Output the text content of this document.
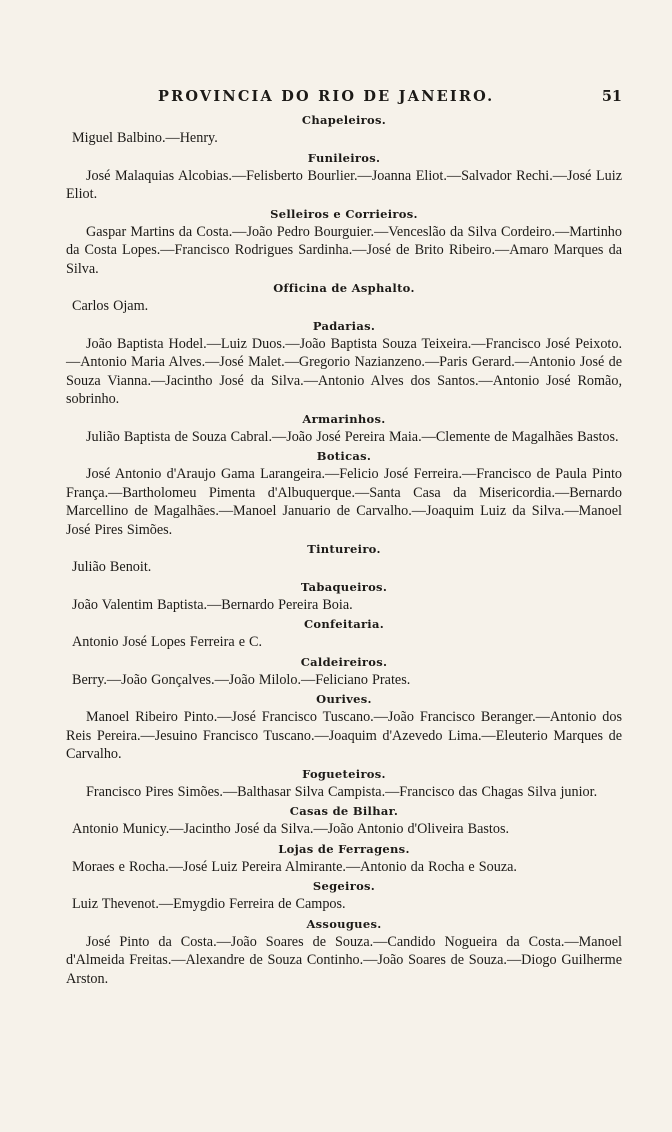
PROVINCIA DO RIO DE JANEIRO.	51
Chapeleiros.

Miguel Balbino.—Henry.

Funileiros.

José Malaquias Alcobias.—Felisberto Bourlier.—Joanna Eliot.—Salvador Rechi.—José Luiz Eliot.

Selleiros e Corrieiros.

Gaspar Martins da Costa.—João Pedro Bourguier.—Venceslão da Silva Cordeiro.—Martinho da Costa Lopes.—Francisco Rodrigues Sardinha.—José de Brito Ribeiro.—Amaro Marques da Silva.

Officina de Asphalto.

Carlos Ojam.

Padarias.

João Baptista Hodel.—Luiz Duos.—João Baptista Souza Teixeira.—Francisco José Peixoto.—Antonio Maria Alves.—José Malet.—Gregorio Nazianzeno.—Paris Gerard.—Antonio José de Souza Vianna.—Jacintho José da Silva.—Antonio Alves dos Santos.—Antonio José Romão, sobrinho.

Armarinhos.

Julião Baptista de Souza Cabral.—João José Pereira Maia.—Clemente de Magalhães Bastos.

Boticas.

José Antonio d'Araujo Gama Larangeira.—Felicio José Ferreira.—Francisco de Paula Pinto França.—Bartholomeu Pimenta d'Albuquerque.—Santa Casa da Misericordia.—Bernardo Marcellino de Magalhães.—Manoel Januario de Carvalho.—Joaquim Luiz da Silva.—Manoel José Pires Simões.

Tintureiro.

Julião Benoit.

Tabaqueiros.

João Valentim Baptista.—Bernardo Pereira Boia.

Confeitaria.

Antonio José Lopes Ferreira e C.

Caldeireiros.

Berry.—João Gonçalves.—João Milolo.—Feliciano Prates.

Ourives.

Manoel Ribeiro Pinto.—José Francisco Tuscano.—João Francisco Beranger.—Antonio dos Reis Pereira.—Jesuino Francisco Tuscano.—Joaquim d'Azevedo Lima.—Eleuterio Marques de Carvalho.

Fogueteiros.

Francisco Pires Simões.—Balthasar Silva Campista.—Francisco das Chagas Silva junior.

Casas de Bilhar.

Antonio Municy.—Jacintho José da Silva.—João Antonio d'Oliveira Bastos.

Lojas de Ferragens.

Moraes e Rocha.—José Luiz Pereira Almirante.—Antonio da Rocha e Souza.

Segeiros.

Luiz Thevenot.—Emygdio Ferreira de Campos.

Assougues.

José Pinto da Costa.—João Soares de Souza.—Candido Nogueira da Costa.—Manoel d'Almeida Freitas.—Alexandre de Souza Continho.—João Soares de Souza.—Diogo Guilherme Arston.
